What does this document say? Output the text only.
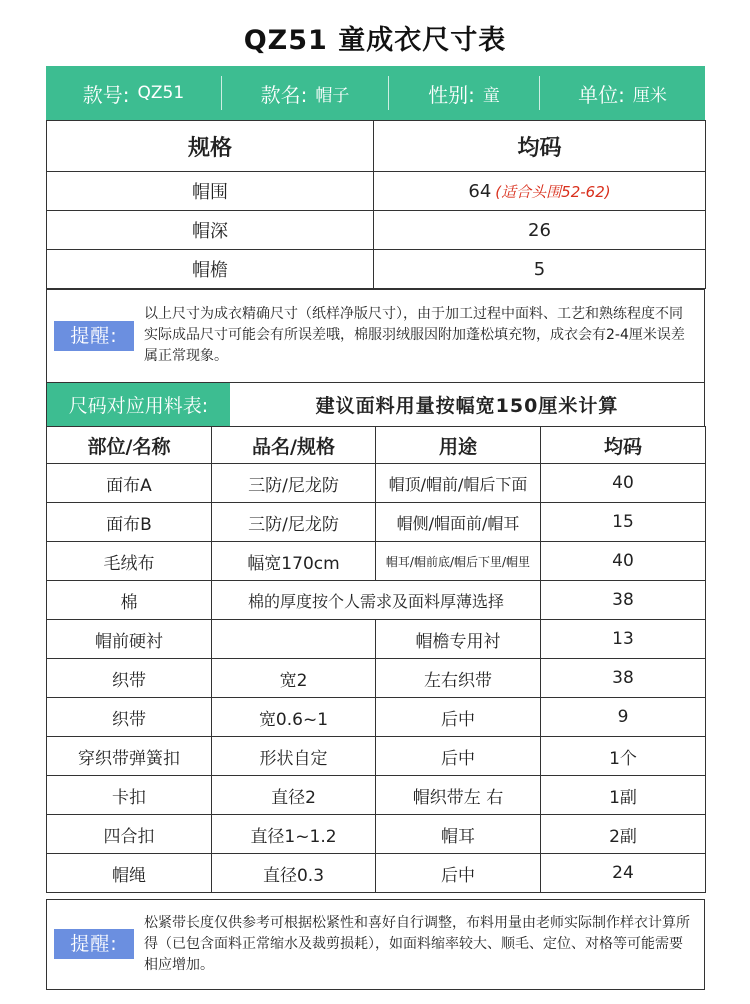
QZ51 童成衣尺寸表
款号: QZ51	款名: 帽子	性别: 童	单位: 厘米
规格	均码
帽围	64 (适合头围52-62)
帽深	26
帽檐	5
提醒:
以上尺寸为成衣精确尺寸（纸样净版尺寸），由于加工过程中面料、工艺和熟练程度不同实际成品尺寸可能会有所误差哦，棉服羽绒服因附加蓬松填充物，成衣会有2-4厘米误差属正常现象。
尺码对应用料表:	建议面料用量按幅宽150厘米计算
部位/名称	品名/规格	用途	均码
面布A	三防/尼龙防	帽顶/帽前/帽后下面	40
面布B	三防/尼龙防	帽侧/帽面前/帽耳	15
毛绒布	幅宽170cm	帽耳/帽前底/帽后下里/帽里	40
棉	棉的厚度按个人需求及面料厚薄选择		38
帽前硬衬		帽檐专用衬	13
织带	宽2	左右织带	38
织带	宽0.6~1	后中	9
穿织带弹簧扣	形状自定	后中	1个
卡扣	直径2	帽织带左 右	1副
四合扣	直径1~1.2	帽耳	2副
帽绳	直径0.3	后中	24
提醒:
松紧带长度仅供参考可根据松紧性和喜好自行调整，布料用量由老师实际制作样衣计算所得（已包含面料正常缩水及裁剪损耗），如面料缩率较大、顺毛、定位、对格等可能需要相应增加。
